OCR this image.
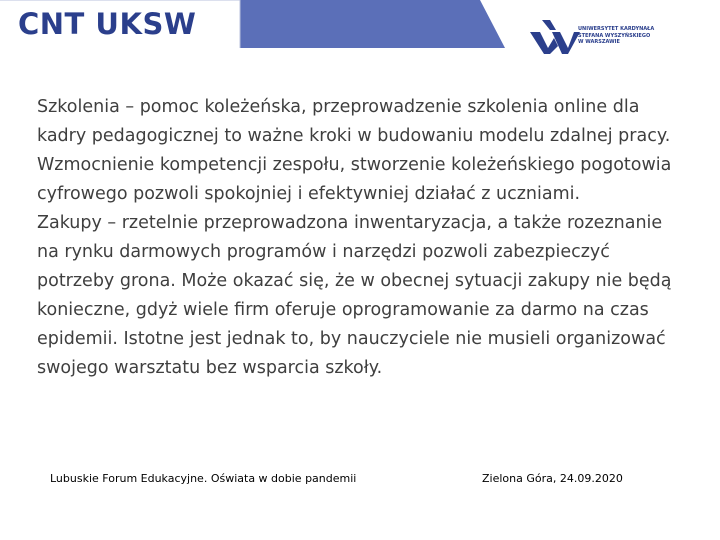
CNT UKSW	UNIWERSYTET KARDYNAŁA
STEFANA WYSZYŃSKIEGO
W WARSZAWIE

Szkolenia – pomoc koleżeńska, przeprowadzenie szkolenia online dla kadry pedagogicznej to ważne kroki w budowaniu modelu zdalnej pracy. Wzmocnienie kompetencji zespołu, stworzenie koleżeńskiego pogotowia cyfrowego pozwoli spokojniej i efektywniej działać z uczniami.

Zakupy – rzetelnie przeprowadzona inwentaryzacja, a także rozeznanie na rynku darmowych programów i narzędzi pozwoli zabezpieczyć potrzeby grona. Może okazać się, że w obecnej sytuacji zakupy nie będą konieczne, gdyż wiele firm oferuje oprogramowanie za darmo na czas epidemii. Istotne jest jednak to, by nauczyciele nie musieli organizować swojego warsztatu bez wsparcia szkoły.

Lubuskie Forum Edukacyjne. Oświata w dobie pandemii	Zielona Góra, 24.09.2020
